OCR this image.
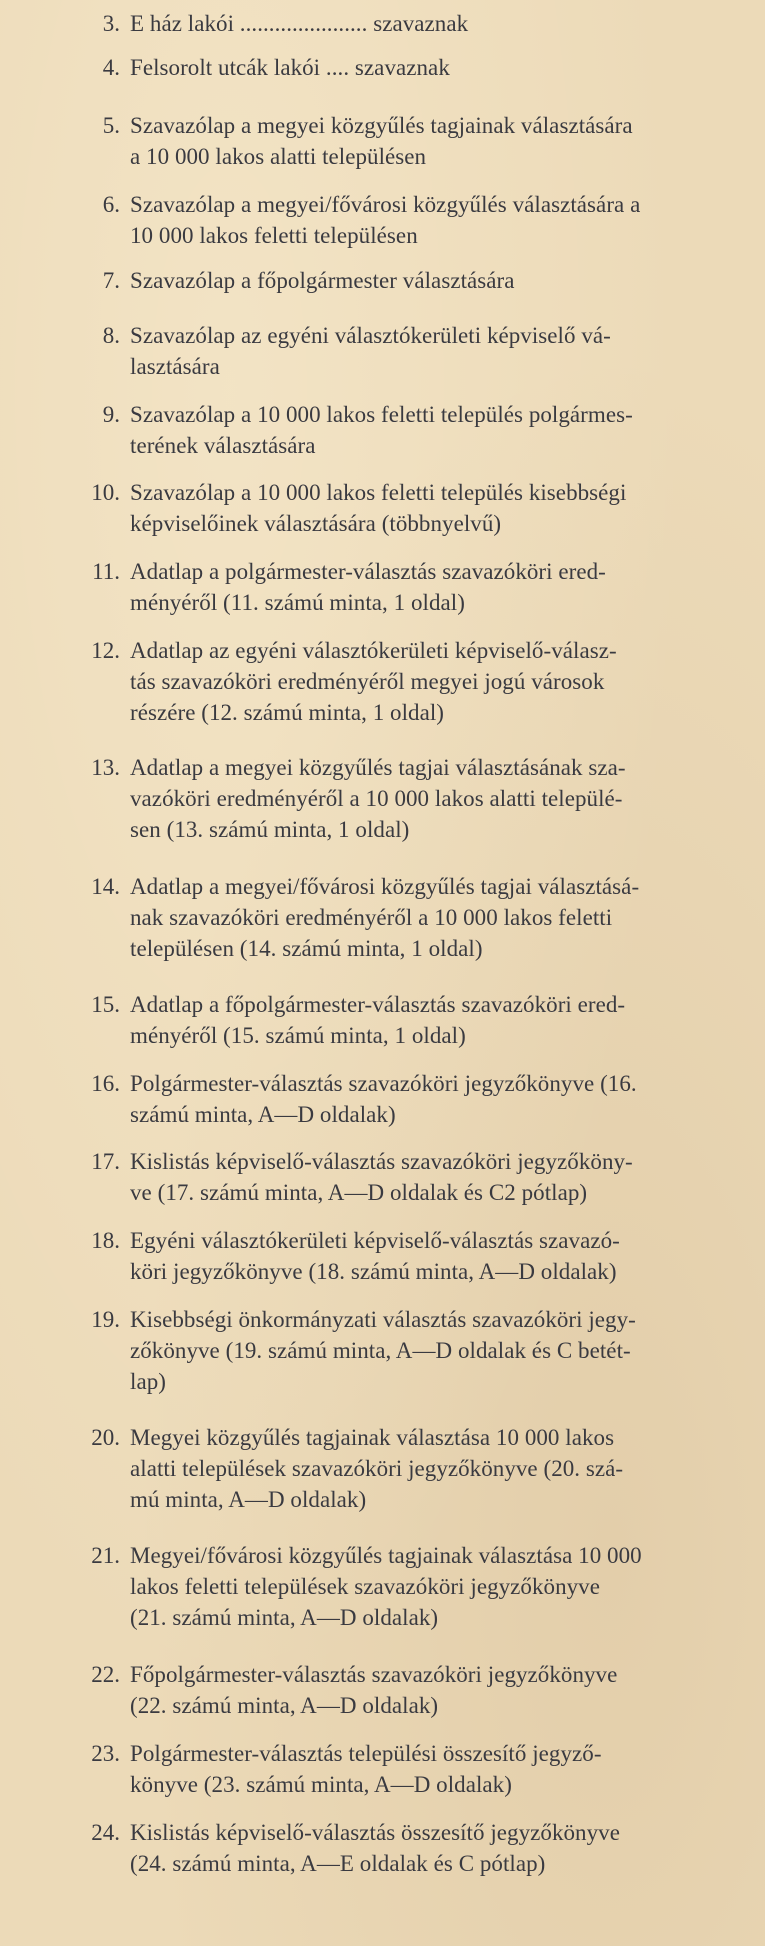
3. E ház lakói ...................... szavaznak
4. Felsorolt utcák lakói .... szavaznak
5. Szavazólap a megyei közgyűlés tagjainak választására
a 10 000 lakos alatti településen
6. Szavazólap a megyei/fővárosi közgyűlés választására a
10 000 lakos feletti településen
7. Szavazólap a főpolgármester választására
8. Szavazólap az egyéni választókerületi képviselő vá-
lasztására
9. Szavazólap a 10 000 lakos feletti település polgármes-
terének választására
10. Szavazólap a 10 000 lakos feletti település kisebbségi
képviselőinek választására (többnyelvű)
11. Adatlap a polgármester-választás szavazóköri ered-
ményéről (11. számú minta, 1 oldal)
12. Adatlap az egyéni választókerületi képviselő-válasz-
tás szavazóköri eredményéről megyei jogú városok
részére (12. számú minta, 1 oldal)
13. Adatlap a megyei közgyűlés tagjai választásának sza-
vazóköri eredményéről a 10 000 lakos alatti települé-
sen (13. számú minta, 1 oldal)
14. Adatlap a megyei/fővárosi közgyűlés tagjai választásá-
nak szavazóköri eredményéről a 10 000 lakos feletti
településen (14. számú minta, 1 oldal)
15. Adatlap a főpolgármester-választás szavazóköri ered-
ményéről (15. számú minta, 1 oldal)
16. Polgármester-választás szavazóköri jegyzőkönyve (16.
számú minta, A—D oldalak)
17. Kislistás képviselő-választás szavazóköri jegyzőköny-
ve (17. számú minta, A—D oldalak és C2 pótlap)
18. Egyéni választókerületi képviselő-választás szavazó-
köri jegyzőkönyve (18. számú minta, A—D oldalak)
19. Kisebbségi önkormányzati választás szavazóköri jegy-
zőkönyve (19. számú minta, A—D oldalak és C betét-
lap)
20. Megyei közgyűlés tagjainak választása 10 000 lakos
alatti települések szavazóköri jegyzőkönyve (20. szá-
mú minta, A—D oldalak)
21. Megyei/fővárosi közgyűlés tagjainak választása 10 000
lakos feletti települések szavazóköri jegyzőkönyve
(21. számú minta, A—D oldalak)
22. Főpolgármester-választás szavazóköri jegyzőkönyve
(22. számú minta, A—D oldalak)
23. Polgármester-választás települési összesítő jegyző-
könyve (23. számú minta, A—D oldalak)
24. Kislistás képviselő-választás összesítő jegyzőkönyve
(24. számú minta, A—E oldalak és C pótlap)
